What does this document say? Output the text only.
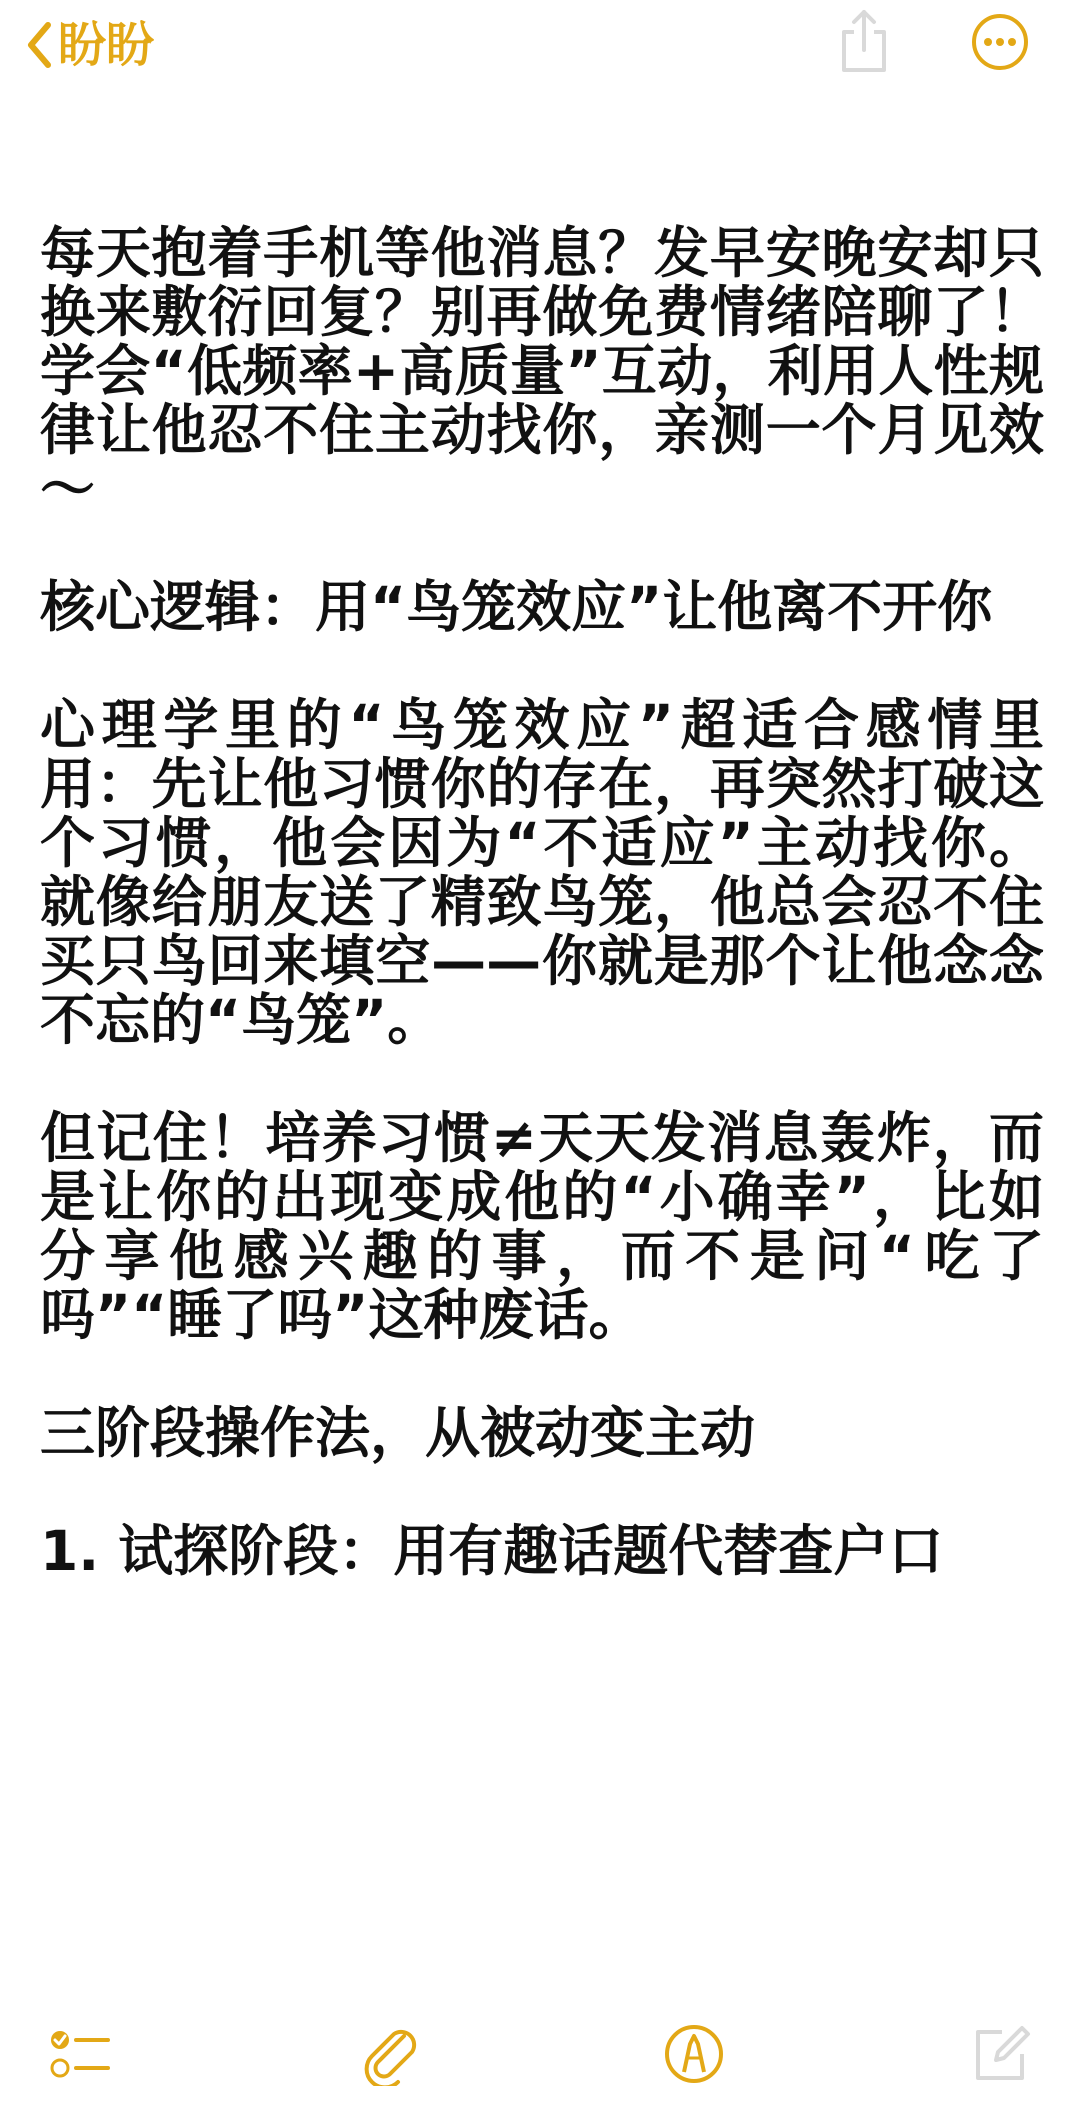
盼盼

每天抱着手机等他消息？发早安晚安却只换来敷衍回复？别再做免费情绪陪聊了！学会“低频率+高质量”互动，利用人性规律让他忍不住主动找你，亲测一个月见效～

核心逻辑：用“鸟笼效应”让他离不开你

心理学里的“鸟笼效应”超适合感情里用：先让他习惯你的存在，再突然打破这个习惯，他会因为“不适应”主动找你。就像给朋友送了精致鸟笼，他总会忍不住买只鸟回来填空——你就是那个让他念念不忘的“鸟笼”。

但记住！培养习惯≠天天发消息轰炸，而是让你的出现变成他的“小确幸”，比如分享他感兴趣的事，而不是问“吃了吗”“睡了吗”这种废话。

三阶段操作法，从被动变主动

1. 试探阶段：用有趣话题代替查户口
